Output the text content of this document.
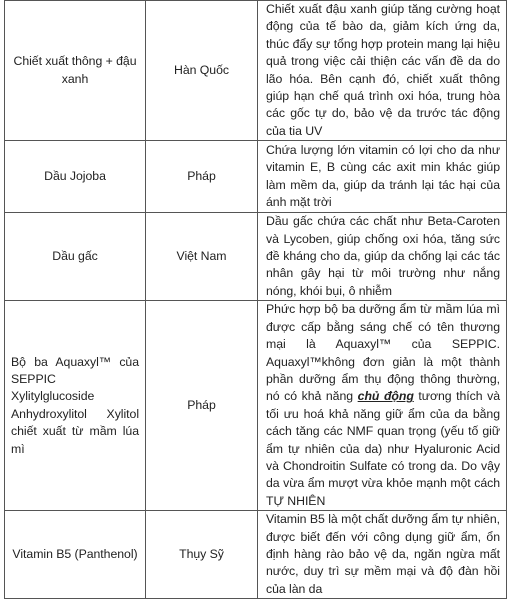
Chiết xuất thông + đậu xanh	Hàn Quốc	Chiết xuất đậu xanh giúp tăng cường hoạt động của tế bào da, giảm kích ứng da, thúc đẩy sự tổng hợp protein mang lại hiệu quả trong việc cải thiện các vấn đề da do lão hóa. Bên cạnh đó, chiết xuất thông giúp hạn chế quá trình oxi hóa, trung hòa các gốc tự do, bảo vệ da trước tác động của tia UV
Dầu Jojoba	Pháp	Chứa lượng lớn vitamin có lợi cho da như vitamin E, B cùng các axit min khác giúp làm mềm da, giúp da tránh lại tác hại của ánh mặt trời
Dầu gấc	Việt Nam	Dầu gấc chứa các chất như Beta-Caroten và Lycoben, giúp chống oxi hóa, tăng sức đề kháng cho da, giúp da chống lại các tác nhân gây hại từ môi trường như nắng nóng, khói bụi, ô nhiễm
Bộ ba Aquaxyl™ của SEPPIC Xylitylglucoside Anhydroxylitol Xylitol chiết xuất từ mầm lúa mì	Pháp	Phức hợp bộ ba dưỡng ẩm từ mầm lúa mì được cấp bằng sáng chế có tên thương mại là Aquaxyl™ của SEPPIC. Aquaxyl™không đơn giản là một thành phần dưỡng ẩm thụ động thông thường, nó có khả năng chủ động tương thích và tối ưu hoá khả năng giữ ẩm của da bằng cách tăng các NMF quan trọng (yếu tố giữ ẩm tự nhiên của da) như Hyaluronic Acid và Chondroitin Sulfate có trong da. Do vậy da vừa ẩm mượt vừa khỏe mạnh một cách TỰ NHIÊN
Vitamin B5 (Panthenol)	Thụy Sỹ	Vitamin B5 là một chất dưỡng ẩm tự nhiên, được biết đến với công dụng giữ ẩm, ổn định hàng rào bảo vệ da, ngăn ngừa mất nước, duy trì sự mềm mại và độ đàn hồi của làn da
